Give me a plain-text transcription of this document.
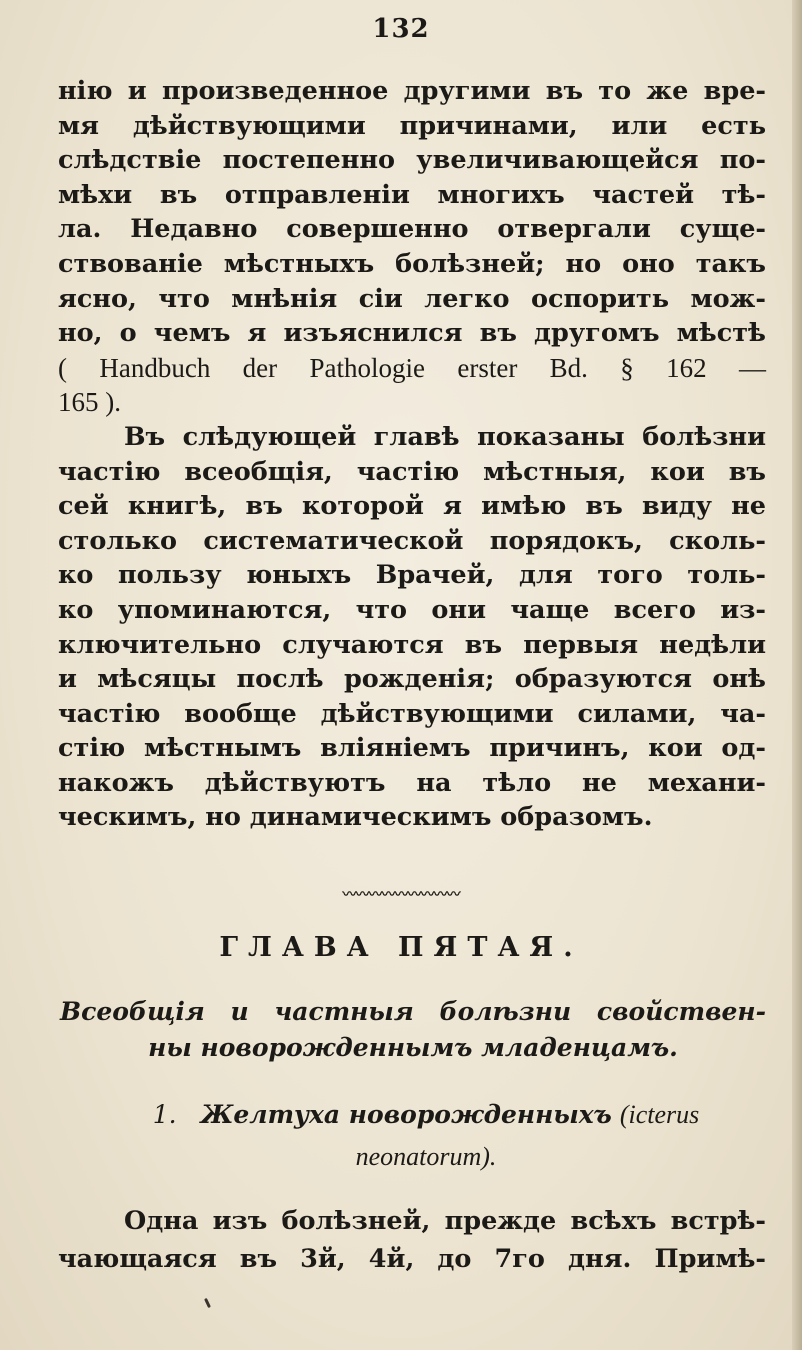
132
нію и произведенное другими въ то же вре-
мя дѣйствующими причинами, или есть
слѣдствіе постепенно увеличивающейся по-
мѣхи въ отправленіи многихъ частей тѣ-
ла. Недавно совершенно отвергали суще-
ствованіе мѣстныхъ болѣзней; но оно такъ
ясно, что мнѣнія сіи легко оспорить мож-
но, о чемъ я изъяснился въ другомъ мѣстѣ
( Handbuch der Pathologie erster Bd. § 162 —
165 ).
Въ слѣдующей главѣ показаны болѣзни
частію всеобщія, частію мѣстныя, кои въ
сей книгѣ, въ которой я имѣю въ виду не
столько систематической порядокъ, сколь-
ко пользу юныхъ Врачей, для того толь-
ко упоминаются, что они чаще всего из-
ключительно случаются въ первыя недѣли
и мѣсяцы послѣ рожденія; образуются онѣ
частію вообще дѣйствующими силами, ча-
стію мѣстнымъ вліяніемъ причинъ, кои од-
накожъ дѣйствуютъ на тѣло не механи-
ческимъ, но динамическимъ образомъ.
〰〰〰〰〰〰〰〰〰
ГЛАВА ПЯТАЯ.
Всеобщія и частныя болѣзни свойствен-
ны новорожденнымъ младенцамъ.
1. Желтуха новорожденныхъ (icterus
neonatorum).
Одна изъ болѣзней, прежде всѣхъ встрѣ-
чающаяся въ 3й, 4й, до 7го дня. Примѣ-
